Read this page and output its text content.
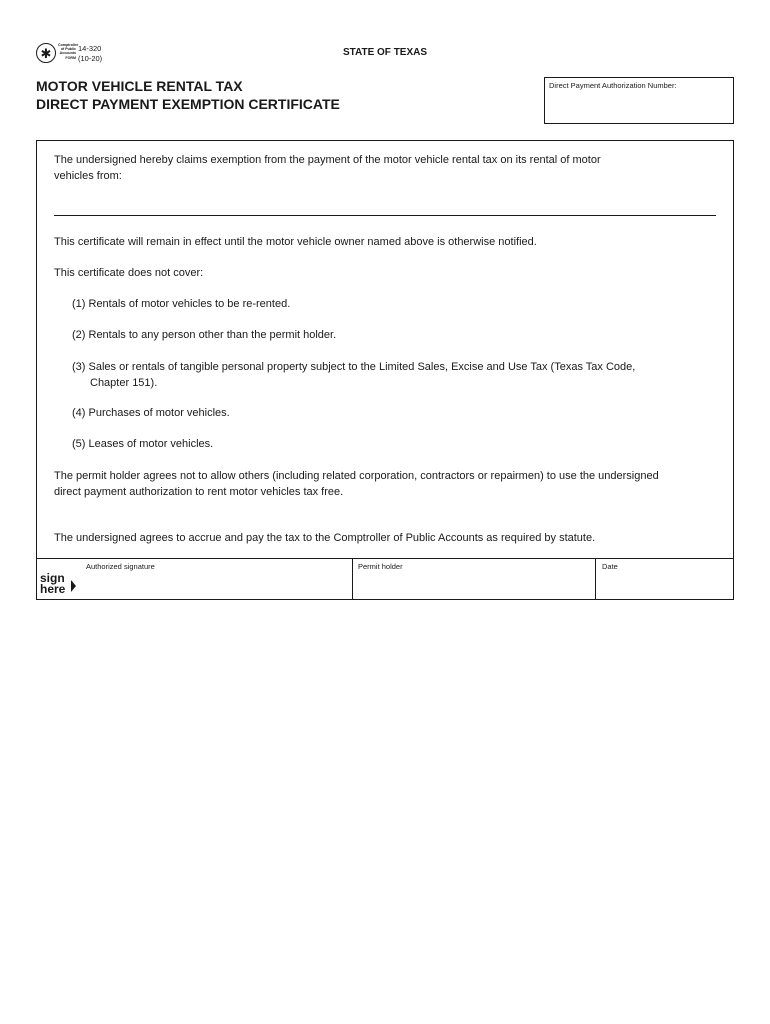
✱
Comptroller
of Public
Accounts
FORM
14-320
(10-20)
STATE OF TEXAS
MOTOR VEHICLE RENTAL TAX
DIRECT PAYMENT EXEMPTION CERTIFICATE
Direct Payment Authorization Number:
The undersigned hereby claims exemption from the payment of the motor vehicle rental tax on its rental of motor
vehicles from:
This certificate will remain in effect until the motor vehicle owner named above is otherwise notified.
This certificate does not cover:
(1) Rentals of motor vehicles to be re-rented.
(2) Rentals to any person other than the permit holder.
(3) Sales or rentals of tangible personal property subject to the Limited Sales, Excise and Use Tax (Texas Tax Code,
Chapter 151).
(4) Purchases of motor vehicles.
(5) Leases of motor vehicles.
The permit holder agrees not to allow others (including related corporation, contractors or repairmen) to use the undersigned
direct payment authorization to rent motor vehicles tax free.
The undersigned agrees to accrue and pay the tax to the Comptroller of Public Accounts as required by statute.
sign
here
Authorized signature	Permit holder	Date
